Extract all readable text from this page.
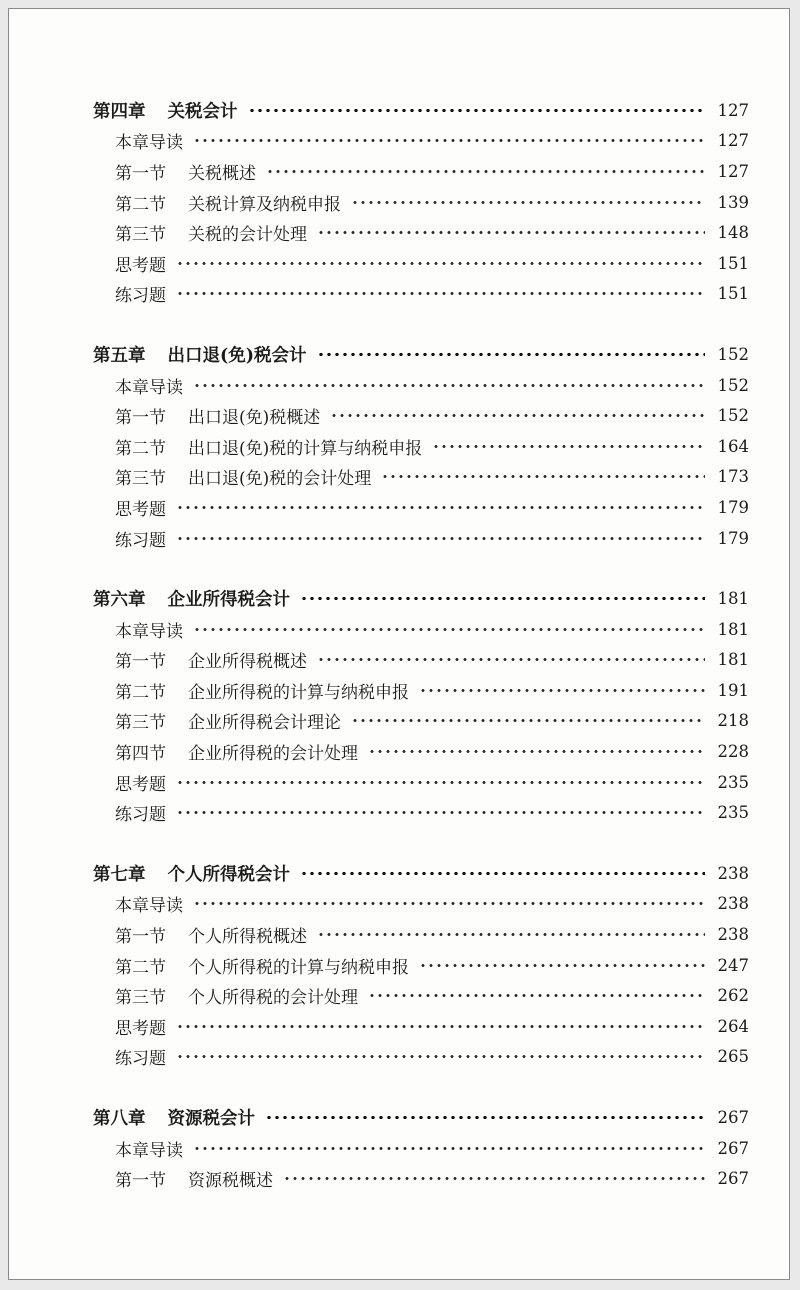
第四章	关税会计	127
本章导读	127
第一节	关税概述	127
第二节	关税计算及纳税申报	139
第三节	关税的会计处理	148
思考题	151
练习题	151
第五章	出口退(免)税会计	152
本章导读	152
第一节	出口退(免)税概述	152
第二节	出口退(免)税的计算与纳税申报	164
第三节	出口退(免)税的会计处理	173
思考题	179
练习题	179
第六章	企业所得税会计	181
本章导读	181
第一节	企业所得税概述	181
第二节	企业所得税的计算与纳税申报	191
第三节	企业所得税会计理论	218
第四节	企业所得税的会计处理	228
思考题	235
练习题	235
第七章	个人所得税会计	238
本章导读	238
第一节	个人所得税概述	238
第二节	个人所得税的计算与纳税申报	247
第三节	个人所得税的会计处理	262
思考题	264
练习题	265
第八章	资源税会计	267
本章导读	267
第一节	资源税概述	267
